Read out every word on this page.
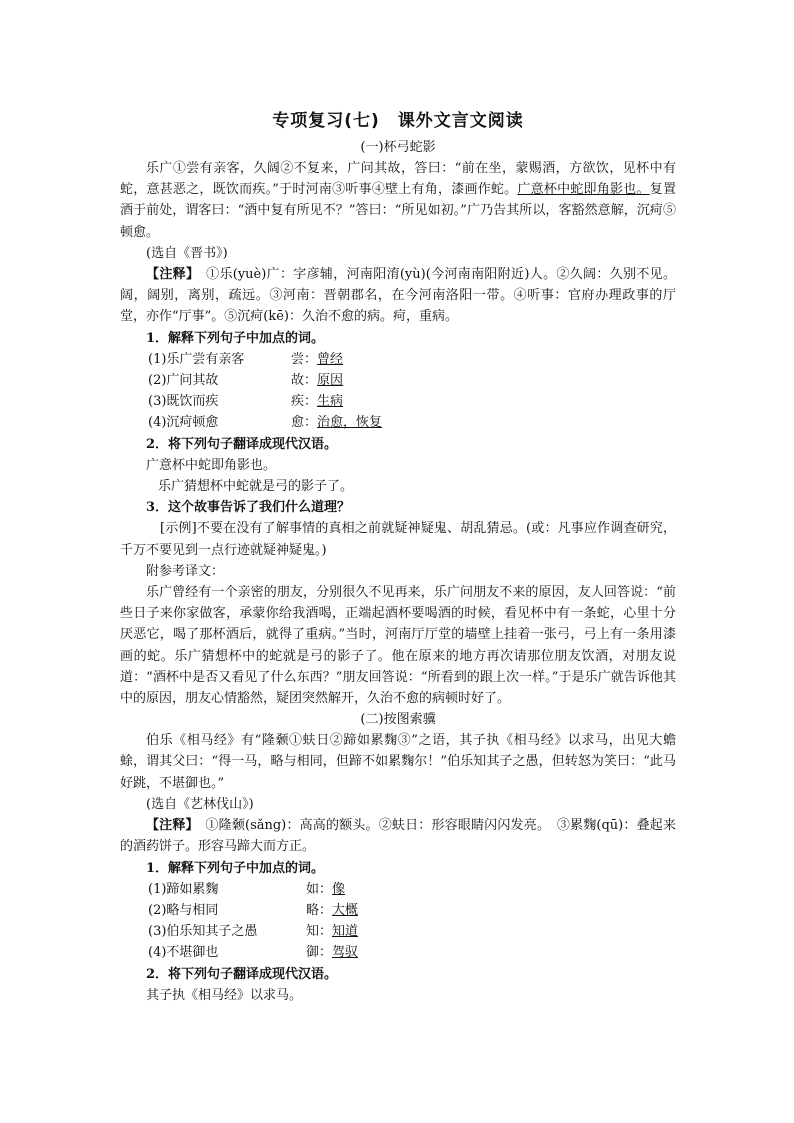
专项复习(七)　课外文言文阅读
(一)杯弓蛇影

乐广①尝有亲客，久阔②不复来，广问其故，答曰：“前在坐，蒙赐酒，方欲饮，见杯中有蛇，意甚恶之，既饮而疾。”于时河南③听事④壁上有角，漆画作蛇。广意杯中蛇即角影也。复置酒于前处，谓客曰：“酒中复有所见不？”答曰：“所见如初。”广乃告其所以，客豁然意解，沉疴⑤顿愈。

(选自《晋书》)

【注释】　①乐(yuè)广：字彦辅，河南阳淯(yù)(今河南南阳附近)人。②久阔：久别不见。阔，阔别，离别，疏远。③河南：晋朝郡名，在今河南洛阳一带。④听事：官府办理政事的厅堂，亦作“厅事”。⑤沉疴(kē)：久治不愈的病。疴，重病。

1．解释下列句子中加点的词。

(1)乐广尝有亲客	尝： 曾经
(2)广问其故	故： 原因
(3)既饮而疾	疾： 生病
(4)沉疴顿愈	愈： 治愈，恢复

2．将下列句子翻译成现代汉语。

广意杯中蛇即角影也。

乐广猜想杯中蛇就是弓的影子了。

3．这个故事告诉了我们什么道理？

[示例]不要在没有了解事情的真相之前就疑神疑鬼、胡乱猜忌。(或：凡事应作调查研究，千万不要见到一点行迹就疑神疑鬼。)

附参考译文：

乐广曾经有一个亲密的朋友，分别很久不见再来，乐广问朋友不来的原因，友人回答说：“前些日子来你家做客，承蒙你给我酒喝，正端起酒杯要喝酒的时候，看见杯中有一条蛇，心里十分厌恶它，喝了那杯酒后，就得了重病。”当时，河南厅厅堂的墙壁上挂着一张弓，弓上有一条用漆画的蛇。乐广猜想杯中的蛇就是弓的影子了。他在原来的地方再次请那位朋友饮酒，对朋友说道：“酒杯中是否又看见了什么东西？”朋友回答说：“所看到的跟上次一样。”于是乐广就告诉他其中的原因，朋友心情豁然，疑团突然解开，久治不愈的病顿时好了。

(二)按图索骥

伯乐《相马经》有“隆颡①蚨日②蹄如累麴③”之语，其子执《相马经》以求马，出见大蟾蜍，谓其父曰：“得一马，略与相同，但蹄不如累麴尔！”伯乐知其子之愚，但转怒为笑曰：“此马好跳，不堪御也。”

(选自《艺林伐山》)

【注释】　①隆颡(sǎng)：高高的额头。②蚨日：形容眼睛闪闪发亮。　③累麴(qū)：叠起来的酒药饼子。形容马蹄大而方正。

1．解释下列句子中加点的词。

(1)蹄如累麴	如： 像
(2)略与相同	略： 大概
(3)伯乐知其子之愚	知： 知道
(4)不堪御也	御： 驾驭

2．将下列句子翻译成现代汉语。

其子执《相马经》以求马。
